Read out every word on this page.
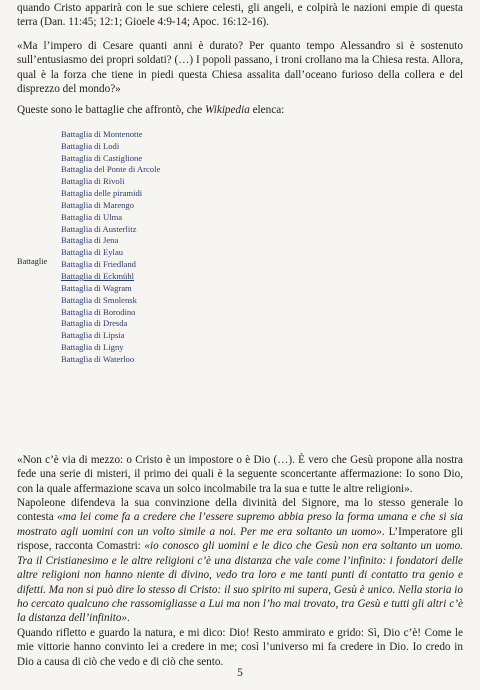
quando Cristo apparirà con le sue schiere celesti, gli angeli, e colpirà le nazioni empie di questa terra (Dan. 11:45; 12:1; Gioele 4:9-14; Apoc. 16:12-16).

«Ma l’impero di Cesare quanti anni è durato? Per quanto tempo Alessandro si è sostenuto sull’entusiasmo dei propri soldati? (…) I popoli passano, i troni crollano ma la Chiesa resta. Allora, qual è la forza che tiene in piedi questa Chiesa assalita dall’oceano furioso della collera e del disprezzo del mondo?»

Queste sono le battaglie che affrontò, che Wikipedia elenca:

Battaglie
Battaglia di Montenotte
Battaglia di Lodi
Battaglia di Castiglione
Battaglia del Ponte di Arcole
Battaglia di Rivoli
Battaglia delle piramidi
Battaglia di Marengo
Battaglia di Ulma
Battaglia di Austerlitz
Battaglia di Jena
Battaglia di Eylau
Battaglia di Friedland
Battaglia di Eckmühl
Battaglia di Wagram
Battaglia di Smolensk
Battaglia di Borodino
Battaglia di Dresda
Battaglia di Lipsia
Battaglia di Ligny
Battaglia di Waterloo

«Non c’è via di mezzo: o Cristo è un impostore o è Dio (…). È vero che Gesù propone alla nostra fede una serie di misteri, il primo dei quali è la seguente sconcertante affermazione: Io sono Dio, con la quale affermazione scava un solco incolmabile tra la sua e tutte le altre religioni».

Napoleone difendeva la sua convinzione della divinità del Signore, ma lo stesso generale lo contesta «ma lei come fa a credere che l’essere supremo abbia preso la forma umana e che si sia mostrato agli uomini con un volto simile a noi. Per me era soltanto un uomo». L’Imperatore gli rispose, racconta Comastri: «io conosco gli uomini e le dico che Gesù non era soltanto un uomo. Tra il Cristianesimo e le altre religioni c’è una distanza che vale come l’infinito: i fondatori delle altre religioni non hanno niente di divino, vedo tra loro e me tanti punti di contatto tra genio e difetti. Ma non si può dire lo stesso di Cristo: il suo spirito mi supera, Gesù è unico. Nella storia io ho cercato qualcuno che rassomigliasse a Lui ma non l’ho mai trovato, tra Gesù e tutti gli altri c’è la distanza dell’infinito».

Quando rifletto e guardo la natura, e mi dico: Dio! Resto ammirato e grido: Sì, Dio c’è! Come le mie vittorie hanno convinto lei a credere in me; così l’universo mi fa credere in Dio. Io credo in Dio a causa di ciò che vedo e di ciò che sento.

5
